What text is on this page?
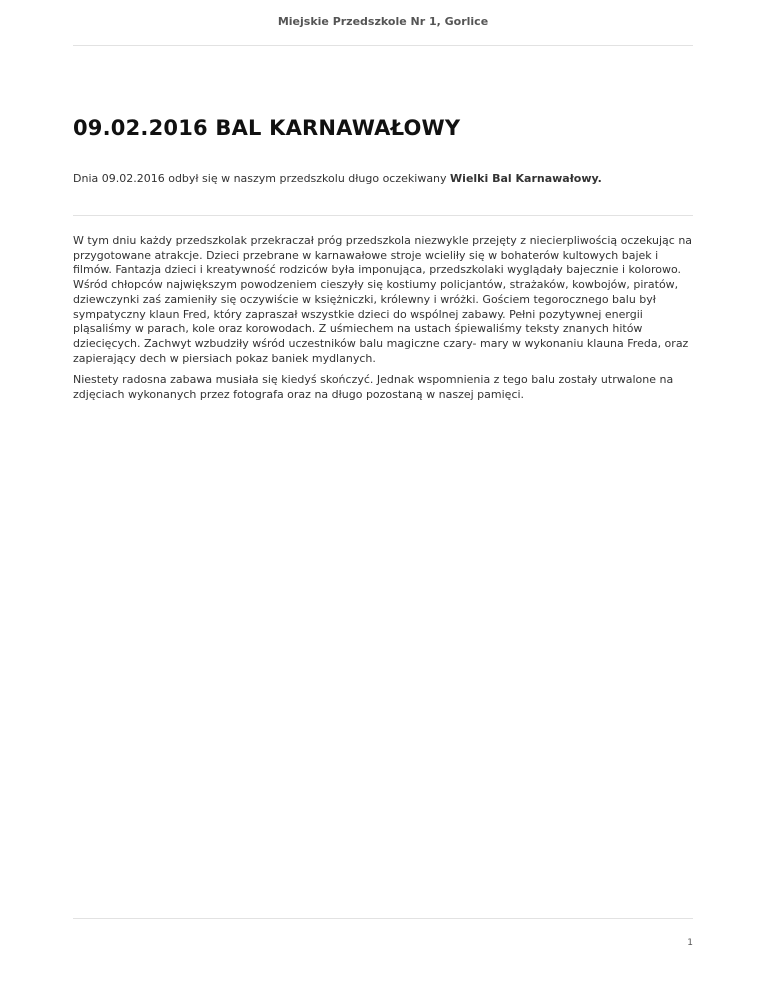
Miejskie Przedszkole Nr 1, Gorlice
09.02.2016 BAL KARNAWAŁOWY

Dnia 09.02.2016 odbył się w naszym przedszkolu długo oczekiwany Wielki Bal Karnawałowy.

W tym dniu każdy przedszkolak przekraczał próg przedszkola niezwykle przejęty z niecierpliwością oczekując na przygotowane atrakcje. Dzieci przebrane w karnawałowe stroje wcieliły się w bohaterów kultowych bajek i filmów. Fantazja dzieci i kreatywność rodziców była imponująca, przedszkolaki wyglądały bajecznie i kolorowo. Wśród chłopców największym powodzeniem cieszyły się kostiumy policjantów, strażaków, kowbojów, piratów, dziewczynki zaś zamieniły się oczywiście w księżniczki, królewny i wróżki. Gościem tegorocznego balu był sympatyczny klaun Fred, który zapraszał wszystkie dzieci do wspólnej zabawy. Pełni pozytywnej energii pląsaliśmy w parach, kole oraz korowodach. Z uśmiechem na ustach śpiewaliśmy teksty znanych hitów dziecięcych. Zachwyt wzbudziły wśród uczestników balu magiczne czary- mary w wykonaniu klauna Freda, oraz zapierający dech w piersiach pokaz baniek mydlanych.

Niestety radosna zabawa musiała się kiedyś skończyć. Jednak wspomnienia z tego balu zostały utrwalone na zdjęciach wykonanych przez fotografa oraz na długo pozostaną w naszej pamięci.

1
